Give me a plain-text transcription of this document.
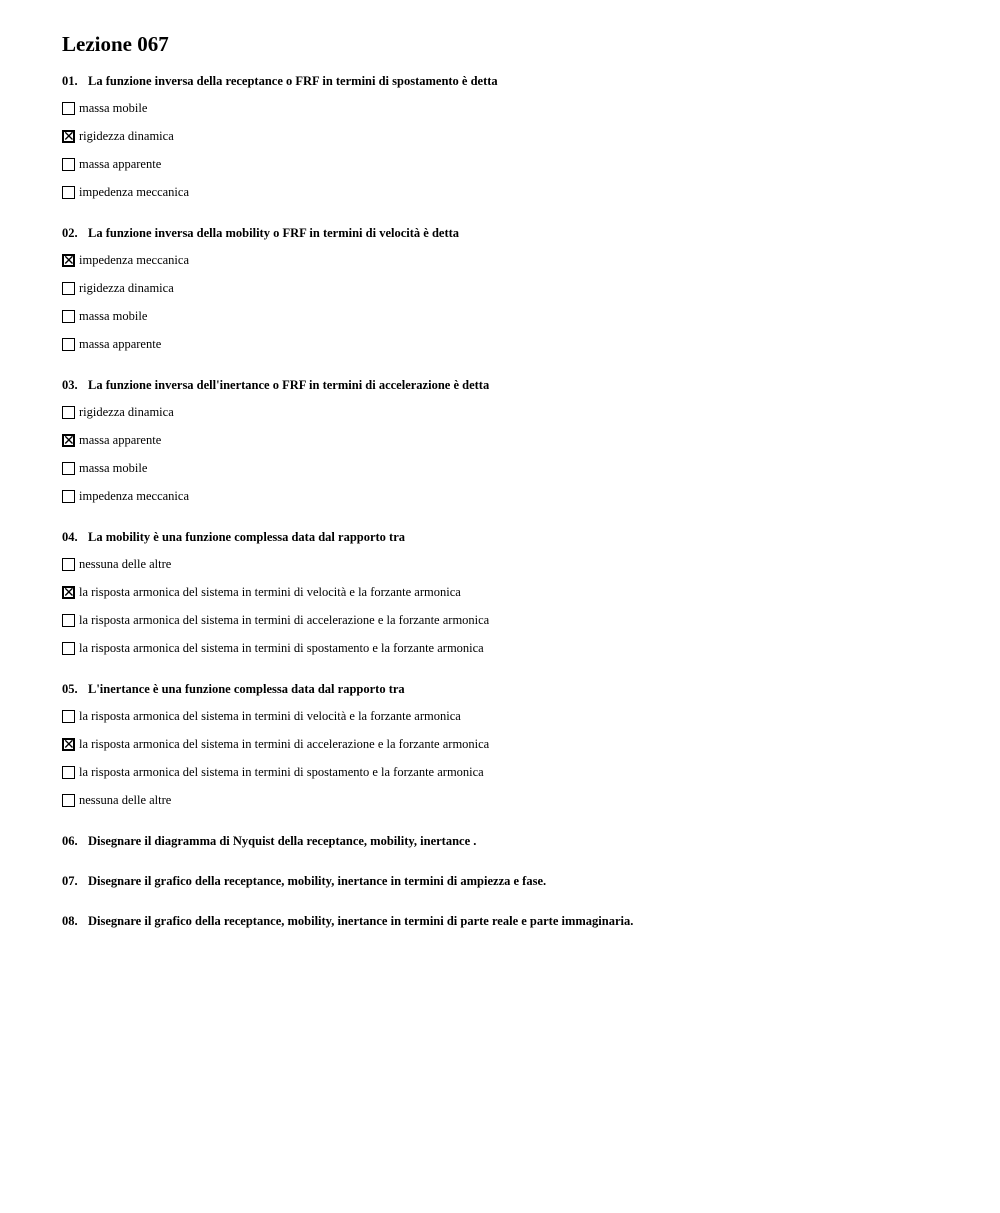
Lezione 067
01. La funzione inversa della receptance o FRF in termini di spostamento è detta
massa mobile
✕ rigidezza dinamica
massa apparente
impedenza meccanica
02. La funzione inversa della mobility o FRF in termini di velocità è detta
✕ impedenza meccanica
rigidezza dinamica
massa mobile
massa apparente
03. La funzione inversa dell'inertance o FRF in termini di accelerazione è detta
rigidezza dinamica
✕ massa apparente
massa mobile
impedenza meccanica
04. La mobility è una funzione complessa data dal rapporto tra
nessuna delle altre
✕ la risposta armonica del sistema in termini di velocità e la forzante armonica
la risposta armonica del sistema in termini di accelerazione e la forzante armonica
la risposta armonica del sistema in termini di spostamento e la forzante armonica
05. L'inertance è una funzione complessa data dal rapporto tra
la risposta armonica del sistema in termini di velocità e la forzante armonica
✕ la risposta armonica del sistema in termini di accelerazione e la forzante armonica
la risposta armonica del sistema in termini di spostamento e la forzante armonica
nessuna delle altre
06. Disegnare il diagramma di Nyquist della receptance, mobility, inertance .
07. Disegnare il grafico della receptance, mobility, inertance in termini di ampiezza e fase.
08. Disegnare il grafico della receptance, mobility, inertance in termini di parte reale e parte immaginaria.
